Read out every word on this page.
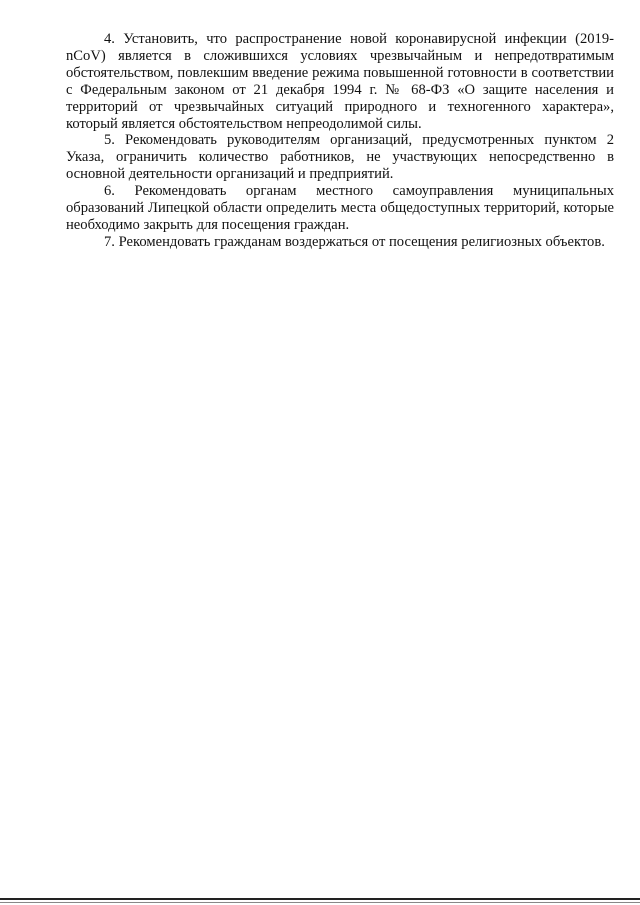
4. Установить, что распространение новой коронавирусной инфекции (2019-nCoV) является в сложившихся условиях чрезвычайным и непредотвратимым обстоятельством, повлекшим введение режима повышенной готовности в соответствии с Федеральным законом от 21 декабря 1994 г. № 68-ФЗ «О защите населения и территорий от чрезвычайных ситуаций природного и техногенного характера», который является обстоятельством непреодолимой силы.

5. Рекомендовать руководителям организаций, предусмотренных пунктом 2 Указа, ограничить количество работников, не участвующих непосредственно в основной деятельности организаций и предприятий.

6. Рекомендовать органам местного самоуправления муниципальных образований Липецкой области определить места общедоступных территорий, которые необходимо закрыть для посещения граждан.

7. Рекомендовать гражданам воздержаться от посещения религиозных объектов.
